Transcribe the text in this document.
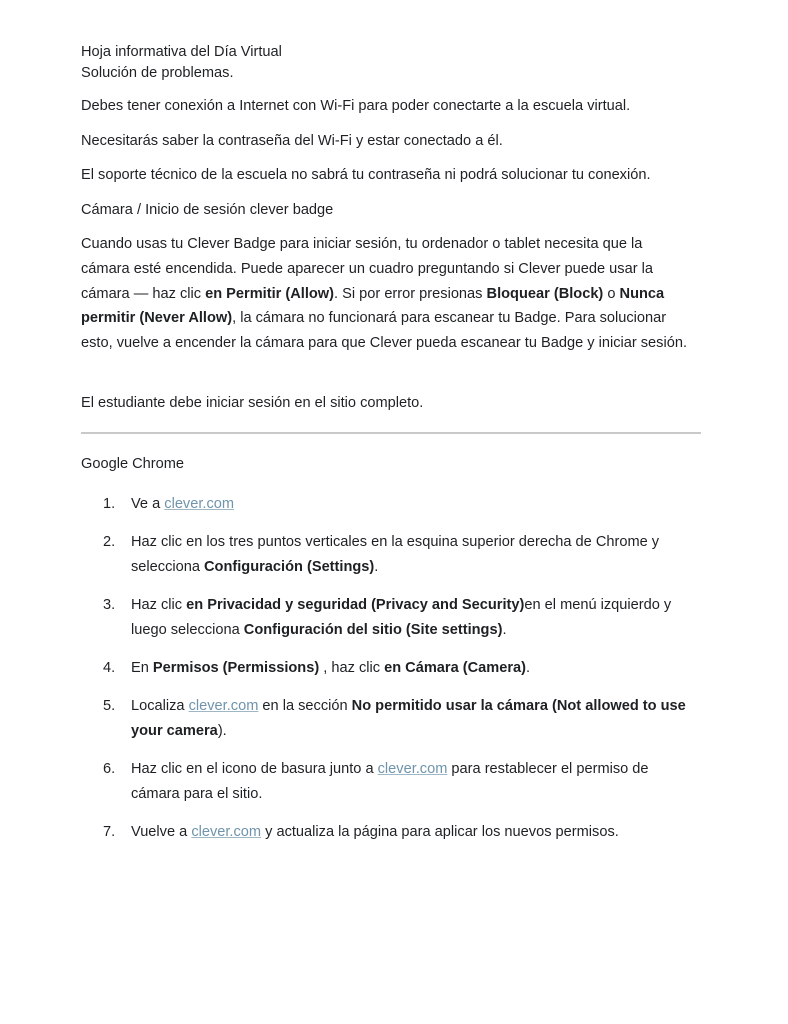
Hoja informativa del Día Virtual
Solución de problemas.

Debes tener conexión a Internet con Wi-Fi para poder conectarte a la escuela virtual.

Necesitarás saber la contraseña del Wi-Fi y estar conectado a él.

El soporte técnico de la escuela no sabrá tu contraseña ni podrá solucionar tu conexión.

Cámara / Inicio de sesión clever badge

Cuando usas tu Clever Badge para iniciar sesión, tu ordenador o tablet necesita que la cámara esté encendida. Puede aparecer un cuadro preguntando si Clever puede usar la cámara — haz clic en Permitir (Allow). Si por error presionas Bloquear (Block) o Nunca permitir (Never Allow), la cámara no funcionará para escanear tu Badge. Para solucionar esto, vuelve a encender la cámara para que Clever pueda escanear tu Badge y iniciar sesión.

El estudiante debe iniciar sesión en el sitio completo.

Google Chrome

Ve a clever.com
Haz clic en los tres puntos verticales en la esquina superior derecha de Chrome y selecciona Configuración (Settings).
Haz clic en Privacidad y seguridad (Privacy and Security)en el menú izquierdo y luego selecciona Configuración del sitio (Site settings).
En Permisos (Permissions) , haz clic en Cámara (Camera).
Localiza clever.com en la sección No permitido usar la cámara (Not allowed to use your camera).
Haz clic en el icono de basura junto a clever.com para restablecer el permiso de cámara para el sitio.
Vuelve a clever.com y actualiza la página para aplicar los nuevos permisos.
